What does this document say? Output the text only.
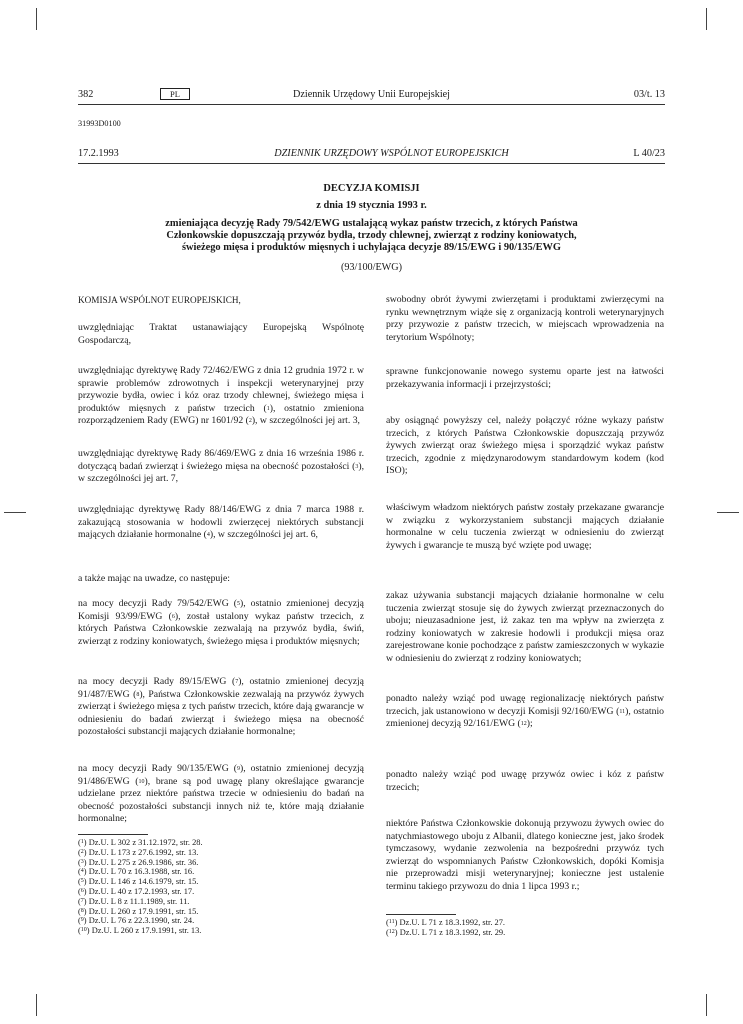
382	PL	Dziennik Urzędowy Unii Europejskiej	03/t. 13
31993D0100
17.2.1993	DZIENNIK URZĘDOWY WSPÓLNOT EUROPEJSKICH	L 40/23
DECYZJA KOMISJI
z dnia 19 stycznia 1993 r.
zmieniająca decyzję Rady 79/542/EWG ustalającą wykaz państw trzecich, z których Państwa
Członkowskie dopuszczają przywóz bydła, trzody chlewnej, zwierząt z rodziny koniowatych,
świeżego mięsa i produktów mięsnych i uchylająca decyzje 89/15/EWG i 90/135/EWG
(93/100/EWG)
KOMISJA WSPÓLNOT EUROPEJSKICH,
uwzględniając Traktat ustanawiający Europejską Wspólnotę Gospodarczą,
uwzględniając dyrektywę Rady 72/462/EWG z dnia 12 grudnia 1972 r. w sprawie problemów zdrowotnych i inspekcji weterynaryjnej przy przywozie bydła, owiec i kóz oraz trzody chlewnej, świeżego mięsa i produktów mięsnych z państw trzecich ($^1$), ostatnio zmieniona rozporządzeniem Rady (EWG) nr 1601/92 ($^2$), w szczególności jej art. 3,
uwzględniając dyrektywę Rady 86/469/EWG z dnia 16 września 1986 r. dotyczącą badań zwierząt i świeżego mięsa na obecność pozostałości ($^3$), w szczególności jej art. 7,
uwzględniając dyrektywę Rady 88/146/EWG z dnia 7 marca 1988 r. zakazującą stosowania w hodowli zwierzęcej niektórych substancji mających działanie hormonalne ($^4$), w szczególności jej art. 6,
a także mając na uwadze, co następuje:
na mocy decyzji Rady 79/542/EWG ($^5$), ostatnio zmienionej decyzją Komisji 93/99/EWG ($^6$), został ustalony wykaz państw trzecich, z których Państwa Członkowskie zezwalają na przywóz bydła, świń, zwierząt z rodziny koniowatych, świeżego mięsa i produktów mięsnych;
na mocy decyzji Rady 89/15/EWG ($^7$), ostatnio zmienionej decyzją 91/487/EWG ($^8$), Państwa Członkowskie zezwalają na przywóz żywych zwierząt i świeżego mięsa z tych państw trzecich, które dają gwarancje w odniesieniu do badań zwierząt i świeżego mięsa na obecność pozostałości substancji mających działanie hormonalne;
na mocy decyzji Rady 90/135/EWG ($^9$), ostatnio zmienionej decyzją 91/486/EWG ($^{10}$), brane są pod uwagę plany określające gwarancje udzielane przez niektóre państwa trzecie w odniesieniu do badań na obecność pozostałości substancji innych niż te, które mają działanie hormonalne;
($^1$) Dz.U. L 302 z 31.12.1972, str. 28.
($^2$) Dz.U. L 173 z 27.6.1992, str. 13.
($^3$) Dz.U. L 275 z 26.9.1986, str. 36.
($^4$) Dz.U. L 70 z 16.3.1988, str. 16.
($^5$) Dz.U. L 146 z 14.6.1979, str. 15.
($^6$) Dz.U. L 40 z 17.2.1993, str. 17.
($^7$) Dz.U. L 8 z 11.1.1989, str. 11.
($^8$) Dz.U. L 260 z 17.9.1991, str. 15.
($^9$) Dz.U. L 76 z 22.3.1990, str. 24.
($^{10}$) Dz.U. L 260 z 17.9.1991, str. 13.
swobodny obrót żywymi zwierzętami i produktami zwierzęcymi na rynku wewnętrznym wiąże się z organizacją kontroli weterynaryjnych przy przywozie z państw trzecich, w miejscach wprowadzenia na terytorium Wspólnoty;
sprawne funkcjonowanie nowego systemu oparte jest na łatwości przekazywania informacji i przejrzystości;
aby osiągnąć powyższy cel, należy połączyć różne wykazy państw trzecich, z których Państwa Członkowskie dopuszczają przywóz żywych zwierząt oraz świeżego mięsa i sporządzić wykaz państw trzecich, zgodnie z międzynarodowym standardowym kodem (kod ISO);
właściwym władzom niektórych państw zostały przekazane gwarancje w związku z wykorzystaniem substancji mających działanie hormonalne w celu tuczenia zwierząt w odniesieniu do zwierząt żywych i gwarancje te muszą być wzięte pod uwagę;
zakaz używania substancji mających działanie hormonalne w celu tuczenia zwierząt stosuje się do żywych zwierząt przeznaczonych do uboju; nieuzasadnione jest, iż zakaz ten ma wpływ na zwierzęta z rodziny koniowatych w zakresie hodowli i produkcji mięsa oraz zarejestrowane konie pochodzące z państw zamieszczonych w wykazie w odniesieniu do zwierząt z rodziny koniowatych;
ponadto należy wziąć pod uwagę regionalizację niektórych państw trzecich, jak ustanowiono w decyzji Komisji 92/160/EWG ($^{11}$), ostatnio zmienionej decyzją 92/161/EWG ($^{12}$);
ponadto należy wziąć pod uwagę przywóz owiec i kóz z państw trzecich;
niektóre Państwa Członkowskie dokonują przywozu żywych owiec do natychmiastowego uboju z Albanii, dlatego konieczne jest, jako środek tymczasowy, wydanie zezwolenia na bezpośredni przywóz tych zwierząt do wspomnianych Państw Członkowskich, dopóki Komisja nie przeprowadzi misji weterynaryjnej; konieczne jest ustalenie terminu takiego przywozu do dnia 1 lipca 1993 r.;
($^{11}$) Dz.U. L 71 z 18.3.1992, str. 27.
($^{12}$) Dz.U. L 71 z 18.3.1992, str. 29.
